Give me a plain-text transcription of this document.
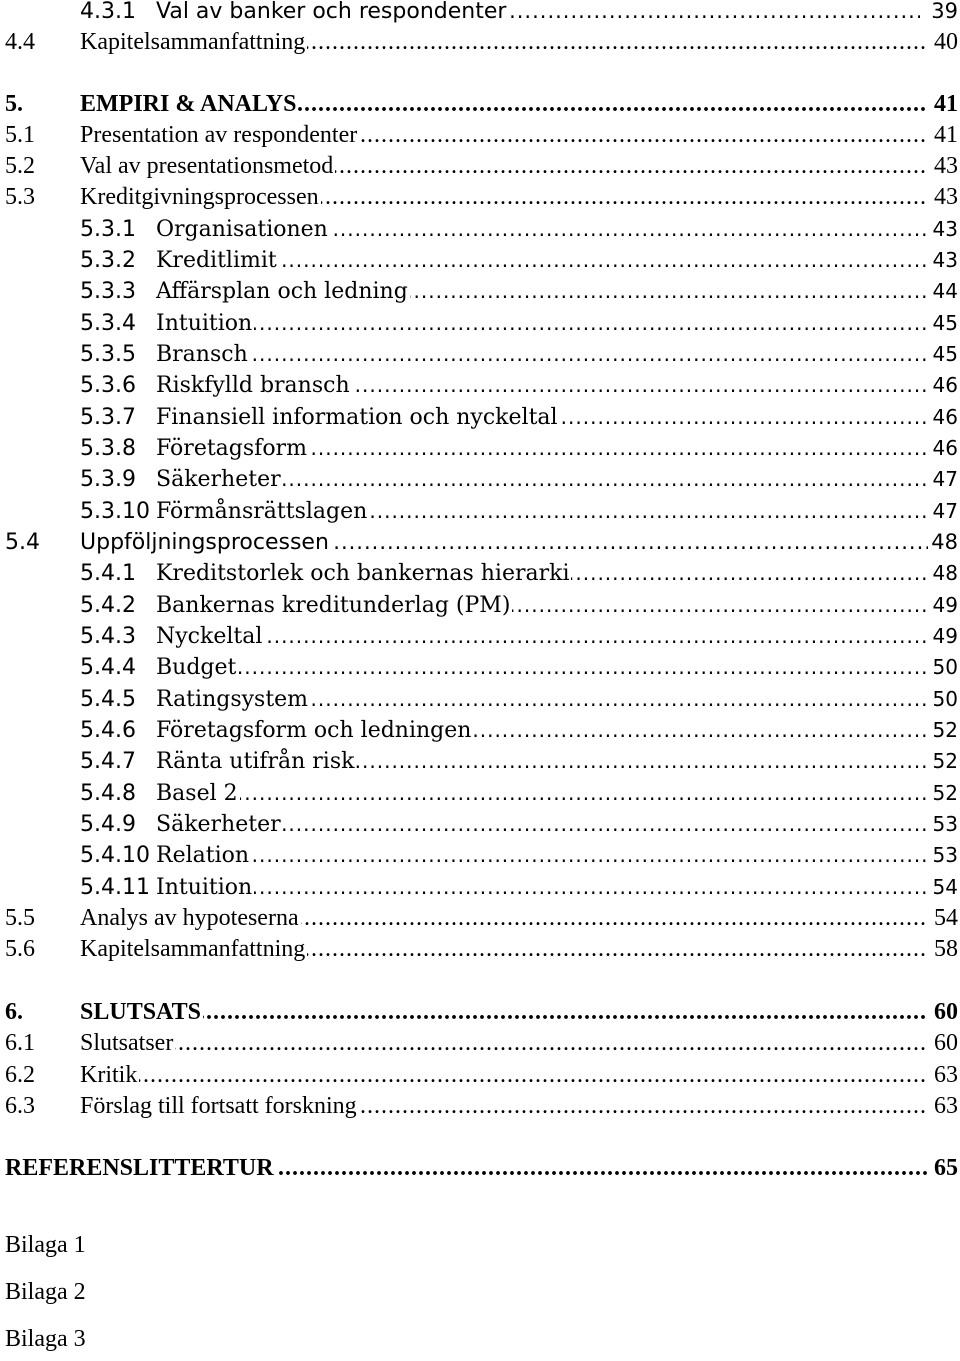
4.3.1 ..... Val av banker och respondenter	39
4.4 ..... Kapitelsammanfattning	40
5. ..... EMPIRI & ANALYS	41
5.1 ..... Presentation av respondenter	41
5.2 ..... Val av presentationsmetod	43
5.3 ..... Kreditgivningsprocessen	43
5.3.1 ..... Organisationen	43
5.3.2 ..... Kreditlimit	43
5.3.3 ..... Affärsplan och ledning	44
5.3.4 ..... Intuition	45
5.3.5 ..... Bransch	45
5.3.6 ..... Riskfylld bransch	46
5.3.7 ..... Finansiell information och nyckeltal	46
5.3.8 ..... Företagsform	46
5.3.9 ..... Säkerheter	47
5.3.10 ..... Förmånsrättslagen	47
5.4 ..... Uppföljningsprocessen	48
5.4.1 ..... Kreditstorlek och bankernas hierarki	48
5.4.2 ..... Bankernas kreditunderlag (PM)	49
5.4.3 ..... Nyckeltal	49
5.4.4 ..... Budget	50
5.4.5 ..... Ratingsystem	50
5.4.6 ..... Företagsform och ledningen	52
5.4.7 ..... Ränta utifrån risk	52
5.4.8 ..... Basel 2	52
5.4.9 ..... Säkerheter	53
5.4.10 ..... Relation	53
5.4.11 ..... Intuition	54
5.5 ..... Analys av hypoteserna	54
5.6 ..... Kapitelsammanfattning	58
6. ..... SLUTSATS	60
6.1 ..... Slutsatser	60
6.2 ..... Kritik	63
6.3 ..... Förslag till fortsatt forskning	63
.....
REFERENSLITTERTUR	65
Bilaga 1
Bilaga 2
Bilaga 3
